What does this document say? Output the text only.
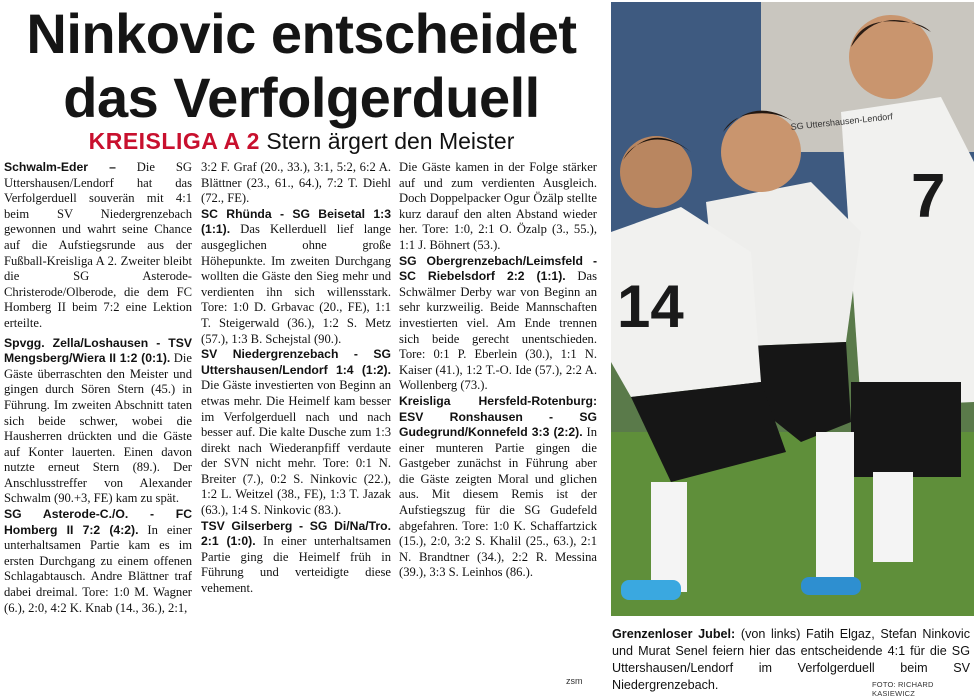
Ninkovic entscheidet
das Verfolgerduell
KREISLIGA A 2 Stern ärgert den Meister

Schwalm-Eder – Die SG Uttershausen/Lendorf hat das Verfolgerduell souverän mit 4:1 beim SV Niedergrenzebach gewonnen und wahrt seine Chance auf die Aufstiegsrunde aus der Fußball-Kreisliga A 2. Zweiter bleibt die SG Asterode-Christerode/Olberode, die dem FC Homberg II beim 7:2 eine Lektion erteilte.

Spvgg. Zella/Loshausen - TSV Mengsberg/Wiera II 1:2 (0:1). Die Gäste überraschten den Meister und gingen durch Sören Stern (45.) in Führung. Im zweiten Abschnitt taten sich beide schwer, wobei die Hausherren drückten und die Gäste auf Konter lauerten. Einen davon nutzte erneut Stern (89.). Der Anschlusstreffer von Alexander Schwalm (90.+3, FE) kam zu spät.

SG Asterode-C./O. - FC Homberg II 7:2 (4:2). In einer unterhaltsamen Partie kam es im ersten Durchgang zu einem offenen Schlagabtausch. Andre Blättner traf dabei dreimal. Tore: 1:0 M. Wagner (6.), 2:0, 4:2 K. Knab (14., 36.), 2:1,

3:2 F. Graf (20., 33.), 3:1, 5:2, 6:2 A. Blättner (23., 61., 64.), 7:2 T. Diehl (72., FE).

SC Rhünda - SG Beisetal 1:3 (1:1). Das Kellerduell lief lange ausgeglichen ohne große Höhepunkte. Im zweiten Durchgang wollten die Gäste den Sieg mehr und verdienten ihn sich willensstark. Tore: 1:0 D. Grbavac (20., FE), 1:1 T. Steigerwald (36.), 1:2 S. Metz (57.), 1:3 B. Schejstal (90.).

SV Niedergrenzebach - SG Uttershausen/Lendorf 1:4 (1:2). Die Gäste investierten von Beginn an etwas mehr. Die Heimelf kam besser im Verfolgerduell nach und nach besser auf. Die kalte Dusche zum 1:3 direkt nach Wiederanpfiff verdaute der SVN nicht mehr. Tore: 0:1 N. Breiter (7.), 0:2 S. Ninkovic (22.), 1:2 L. Weitzel (38., FE), 1:3 T. Jazak (63.), 1:4 S. Ninkovic (83.).

TSV Gilserberg - SG Di/Na/Tro. 2:1 (1:0). In einer unterhaltsamen Partie ging die Heimelf früh in Führung und verteidigte diese vehement.

Die Gäste kamen in der Folge stärker auf und zum verdienten Ausgleich. Doch Doppelpacker Ogur Özälp stellte kurz darauf den alten Abstand wieder her. Tore: 1:0, 2:1 O. Özalp (3., 55.), 1:1 J. Böhnert (53.).

SG Obergrenzebach/Leimsfeld - SC Riebelsdorf 2:2 (1:1). Das Schwälmer Derby war von Beginn an sehr kurzweilig. Beide Mannschaften investierten viel. Am Ende trennen sich beide gerecht unentschieden. Tore: 0:1 P. Eberlein (30.), 1:1 N. Kaiser (41.), 1:2 T.-O. Ide (57.), 2:2 A. Wollenberg (73.).

Kreisliga Hersfeld-Rotenburg: ESV Ronshausen - SG Gudegrund/Konnefeld 3:3 (2:2). In einer munteren Partie gingen die Gastgeber zunächst in Führung aber die Gäste zeigten Moral und glichen aus. Mit diesem Remis ist der Aufstiegszug für die SG Gudefeld abgefahren. Tore: 1:0 K. Schaffartzick (15.), 2:0, 3:2 S. Khalil (25., 63.), 2:1 N. Brandtner (34.), 2:2 R. Messina (39.), 3:3 S. Leinhos (86.).

zsm
7
14
SG Uttershausen-Lendorf
Grenzenloser Jubel: (von links) Fatih Elgaz, Stefan Ninkovic und Murat Senel feiern hier das entscheidende 4:1 für die SG Uttershausen/Lendorf im Verfolgerduell beim SV Niedergrenzebach.	FOTO: RICHARD KASIEWICZ
